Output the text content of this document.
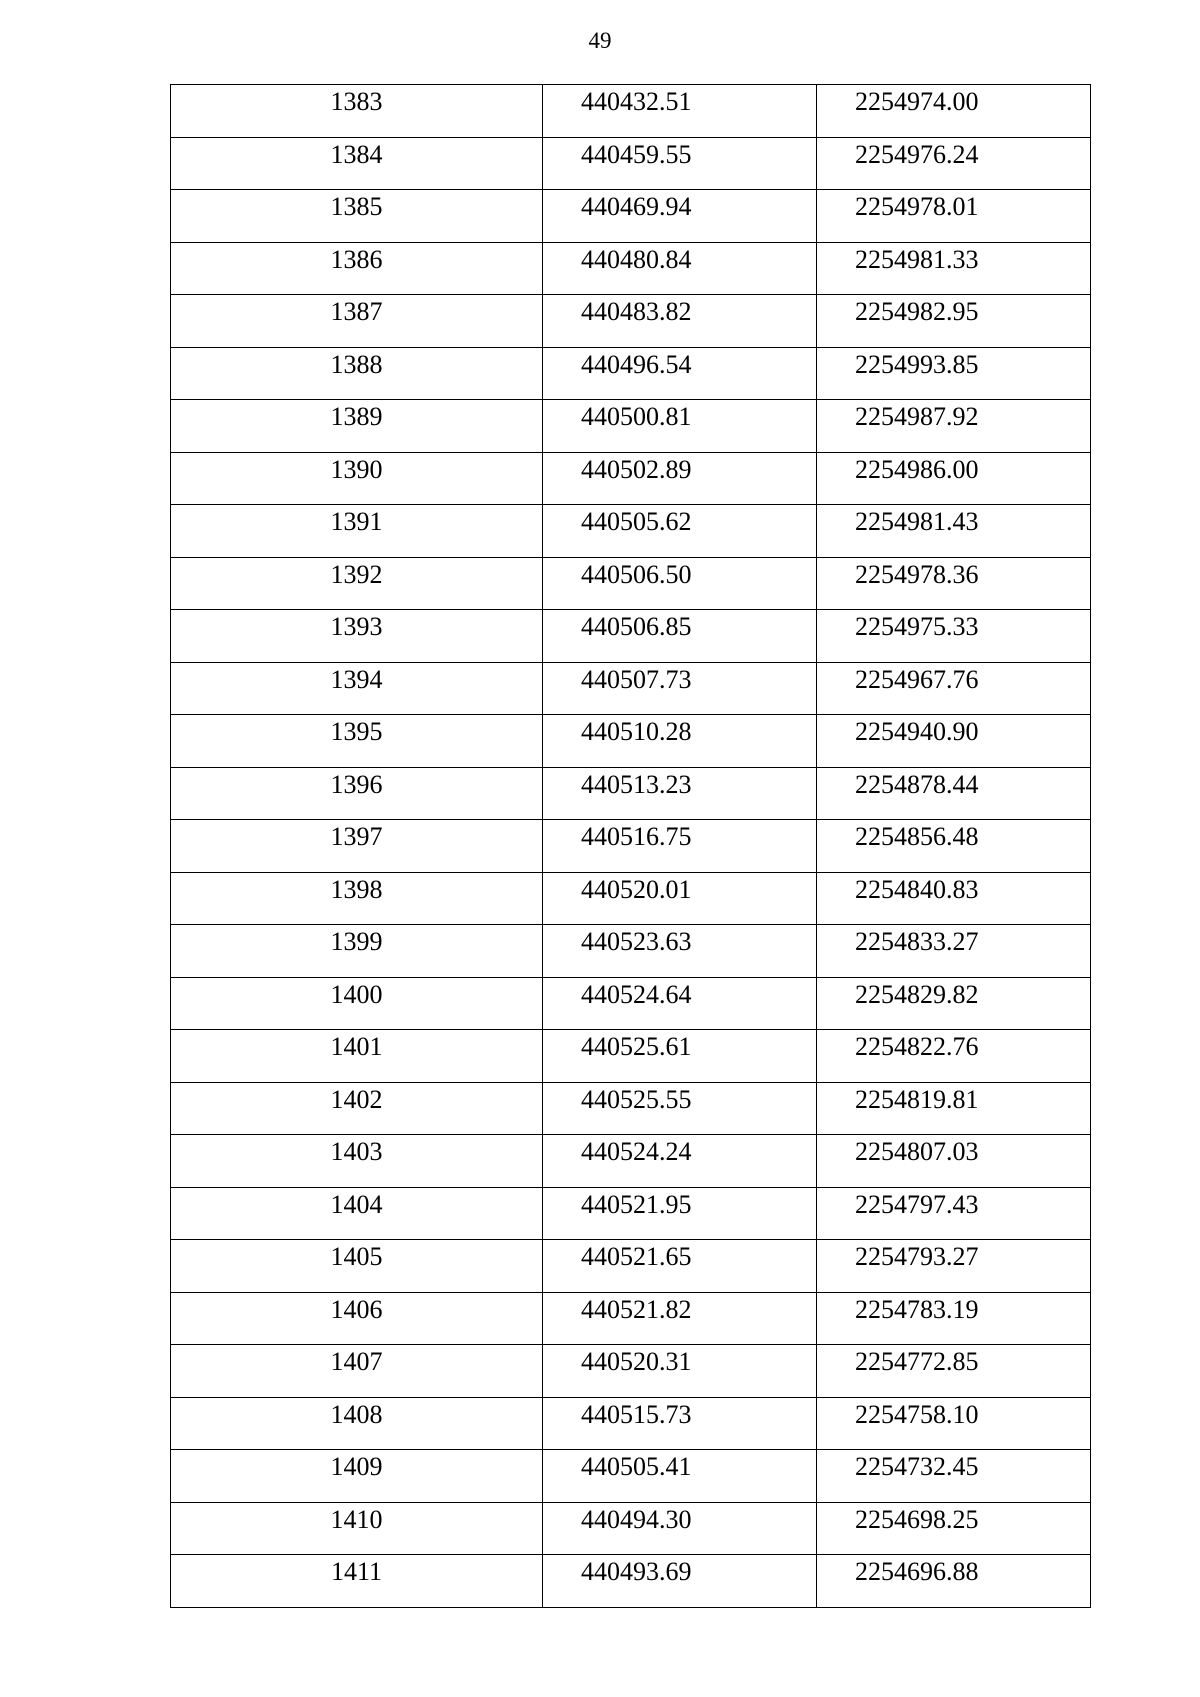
49
1383	440432.51	2254974.00

1384	440459.55	2254976.24

1385	440469.94	2254978.01

1386	440480.84	2254981.33

1387	440483.82	2254982.95

1388	440496.54	2254993.85

1389	440500.81	2254987.92

1390	440502.89	2254986.00

1391	440505.62	2254981.43

1392	440506.50	2254978.36

1393	440506.85	2254975.33

1394	440507.73	2254967.76

1395	440510.28	2254940.90

1396	440513.23	2254878.44

1397	440516.75	2254856.48

1398	440520.01	2254840.83

1399	440523.63	2254833.27

1400	440524.64	2254829.82

1401	440525.61	2254822.76

1402	440525.55	2254819.81

1403	440524.24	2254807.03

1404	440521.95	2254797.43

1405	440521.65	2254793.27

1406	440521.82	2254783.19

1407	440520.31	2254772.85

1408	440515.73	2254758.10

1409	440505.41	2254732.45

1410	440494.30	2254698.25

1411	440493.69	2254696.88
